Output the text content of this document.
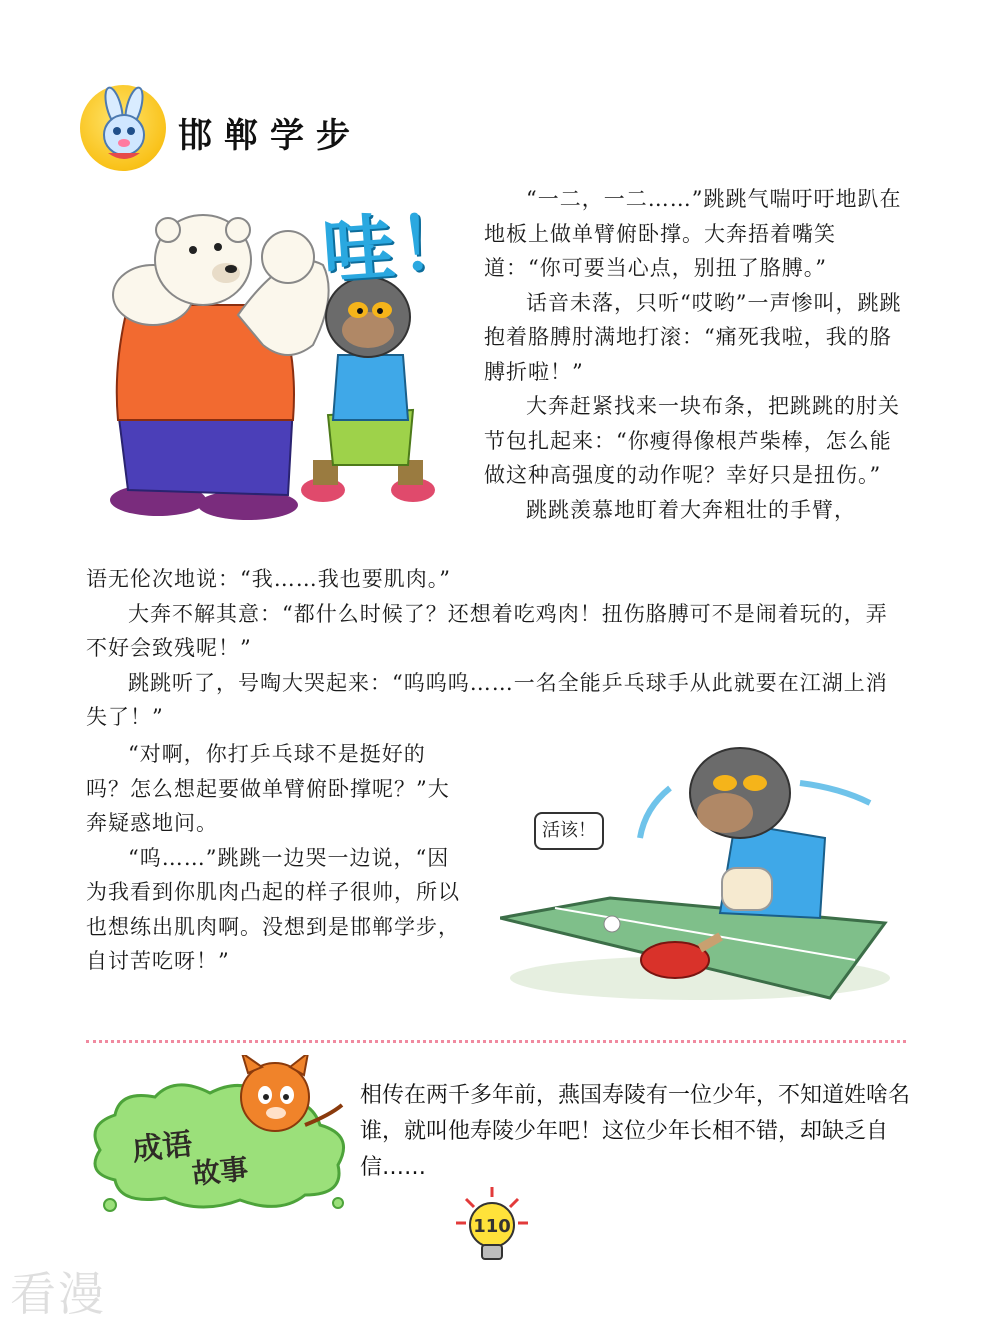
邯郸学步
哇！	“一二，一二……”跳跳气喘吁吁地趴在地板上做单臂俯卧撑。大奔捂着嘴笑道：“你可要当心点，别扭了胳膊。”

话音未落，只听“哎哟”一声惨叫，跳跳抱着胳膊肘满地打滚：“痛死我啦，我的胳膊折啦！”

大奔赶紧找来一块布条，把跳跳的肘关节包扎起来：“你瘦得像根芦柴棒，怎么能做这种高强度的动作呢？幸好只是扭伤。”

跳跳羡慕地盯着大奔粗壮的手臂，

语无伦次地说：“我……我也要肌肉。”

大奔不解其意：“都什么时候了？还想着吃鸡肉！扭伤胳膊可不是闹着玩的，弄不好会致残呢！”

跳跳听了，号啕大哭起来：“呜呜呜……一名全能乒乓球手从此就要在江湖上消失了！”

“对啊，你打乒乓球不是挺好的吗？怎么想起要做单臂俯卧撑呢？”大奔疑惑地问。

“呜……”跳跳一边哭一边说，“因为我看到你肌肉凸起的样子很帅，所以也想练出肌肉啊。没想到是邯郸学步，自讨苦吃呀！”

活该！
成语
故事
相传在两千多年前，燕国寿陵有一位少年，不知道姓啥名谁，就叫他寿陵少年吧！这位少年长相不错，却缺乏自信……
110
看漫
